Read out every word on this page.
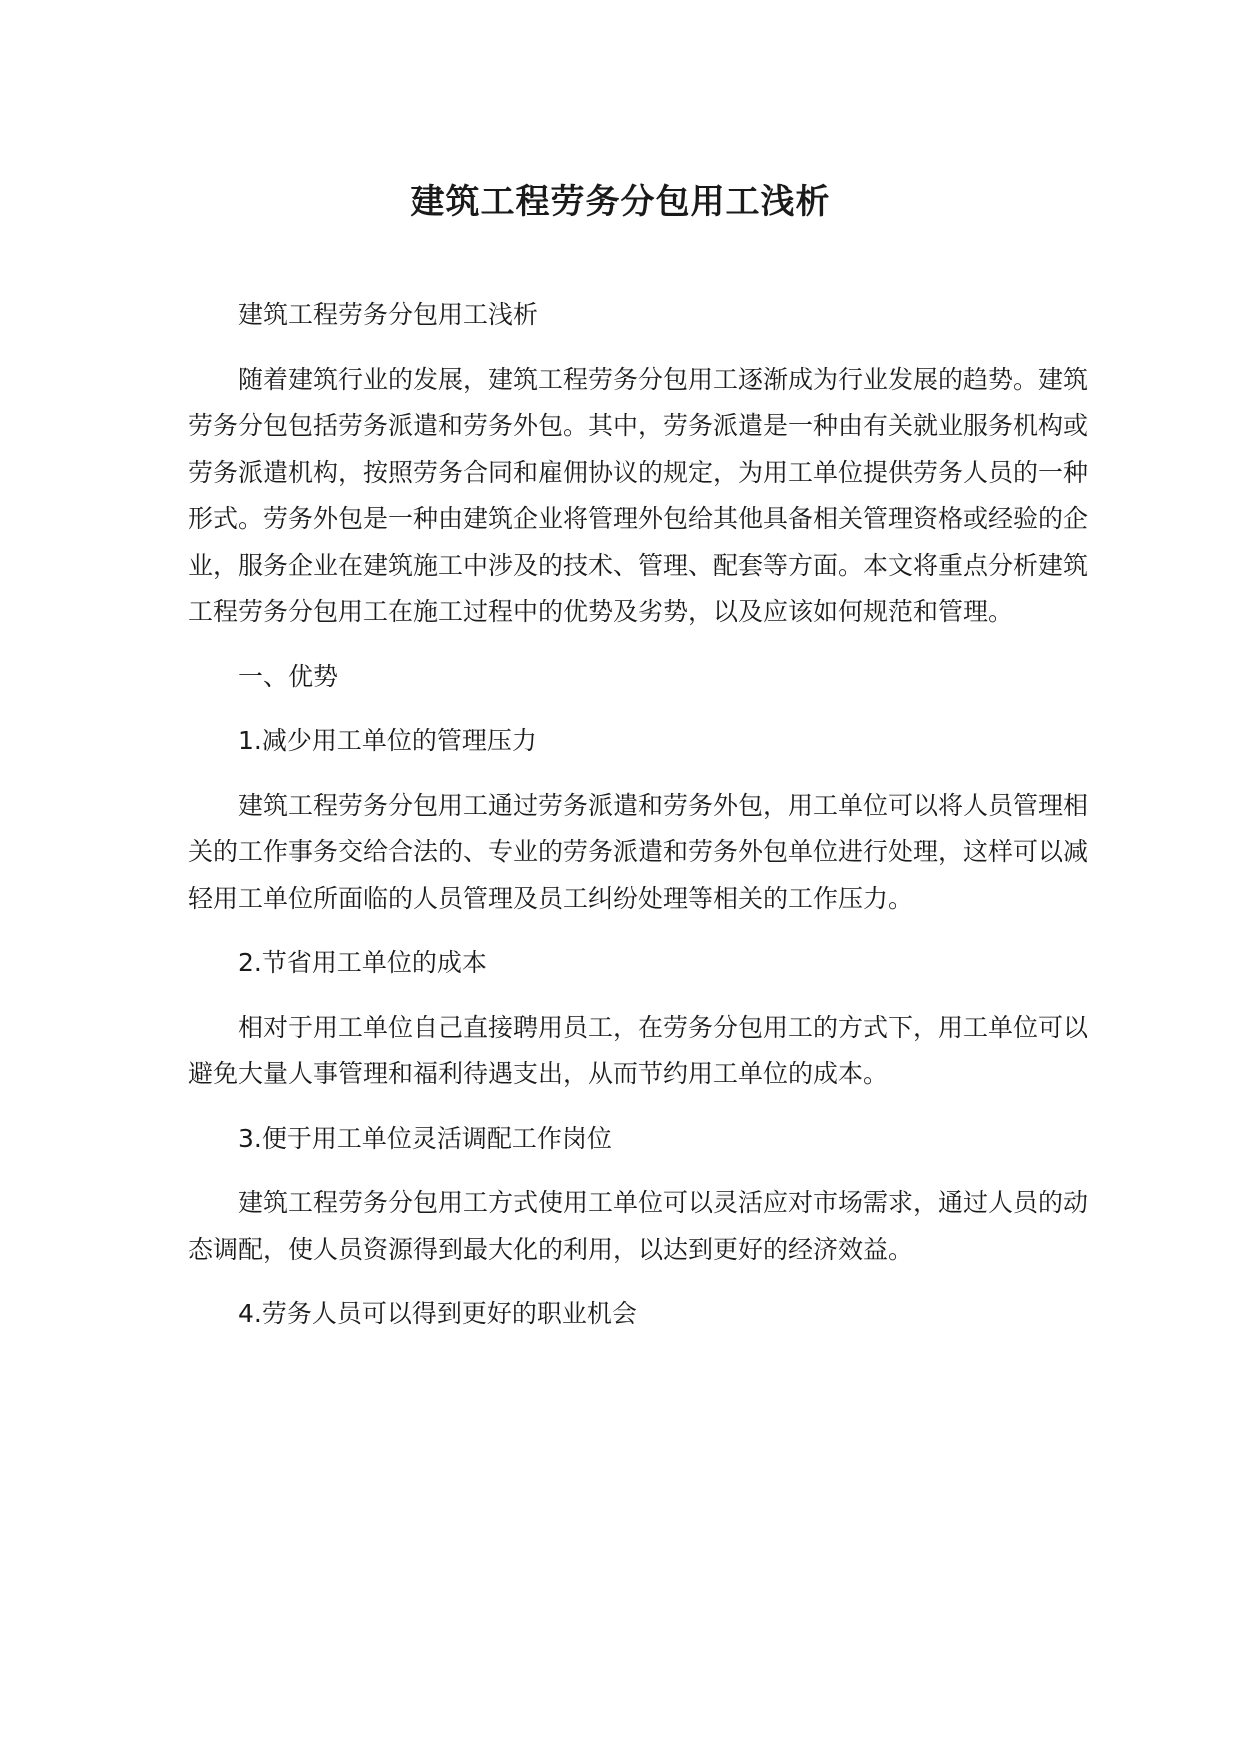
建筑工程劳务分包用工浅析

建筑工程劳务分包用工浅析

随着建筑行业的发展，建筑工程劳务分包用工逐渐成为行业发展的趋势。建筑劳务分包包括劳务派遣和劳务外包。其中，劳务派遣是一种由有关就业服务机构或劳务派遣机构，按照劳务合同和雇佣协议的规定，为用工单位提供劳务人员的一种形式。劳务外包是一种由建筑企业将管理外包给其他具备相关管理资格或经验的企业，服务企业在建筑施工中涉及的技术、管理、配套等方面。本文将重点分析建筑工程劳务分包用工在施工过程中的优势及劣势，以及应该如何规范和管理。

一、优势

1.减少用工单位的管理压力

建筑工程劳务分包用工通过劳务派遣和劳务外包，用工单位可以将人员管理相关的工作事务交给合法的、专业的劳务派遣和劳务外包单位进行处理，这样可以减轻用工单位所面临的人员管理及员工纠纷处理等相关的工作压力。

2.节省用工单位的成本

相对于用工单位自己直接聘用员工，在劳务分包用工的方式下，用工单位可以避免大量人事管理和福利待遇支出，从而节约用工单位的成本。

3.便于用工单位灵活调配工作岗位

建筑工程劳务分包用工方式使用工单位可以灵活应对市场需求，通过人员的动态调配，使人员资源得到最大化的利用，以达到更好的经济效益。

4.劳务人员可以得到更好的职业机会
